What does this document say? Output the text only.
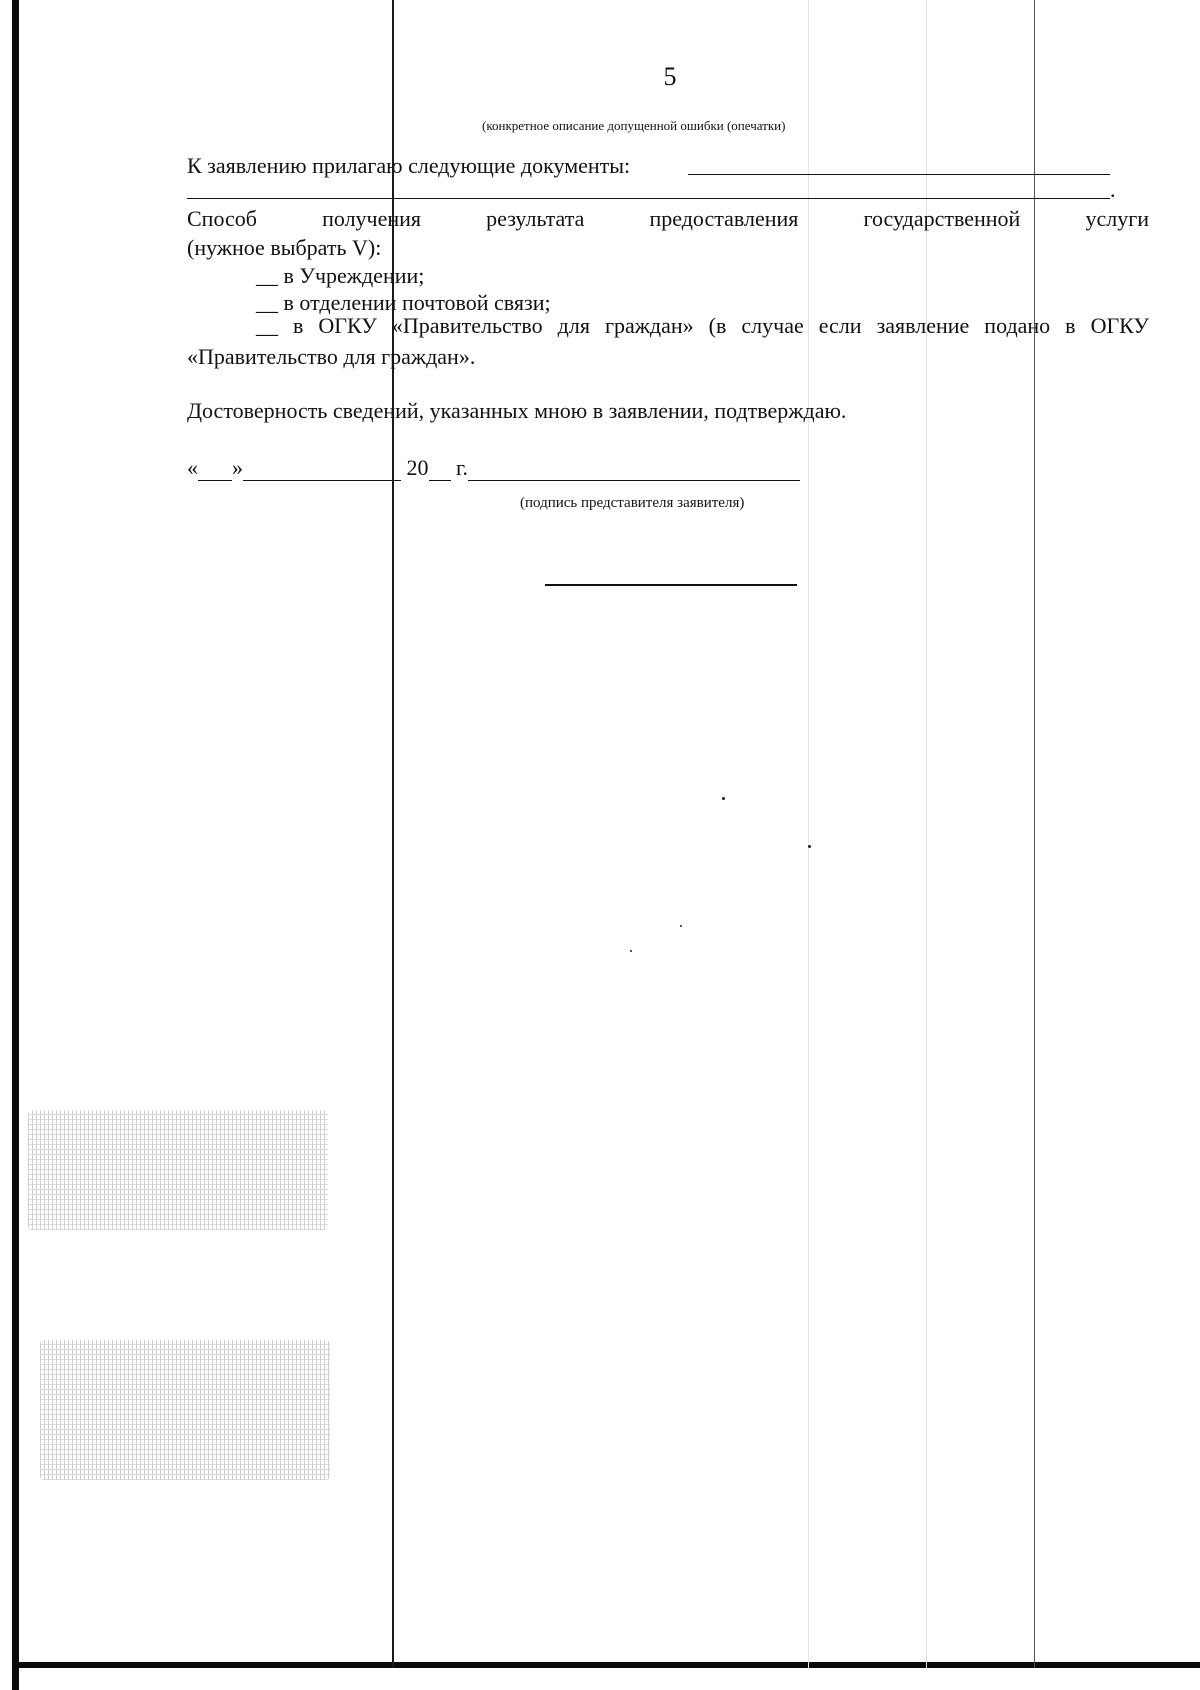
5
(конкретное описание допущенной ошибки (опечатки)
К заявлению прилагаю следующие документы:
.
Способ получения результата предоставления государственной услуги
(нужное выбрать V):
__ в Учреждении;
__ в отделении почтовой связи;
__ в ОГКУ «Правительство для граждан» (в случае если заявление подано в ОГКУ
«Правительство для граждан».
Достоверность сведений, указанных мною в заявлении, подтверждаю.
« »	20 г.
(подпись представителя заявителя)
